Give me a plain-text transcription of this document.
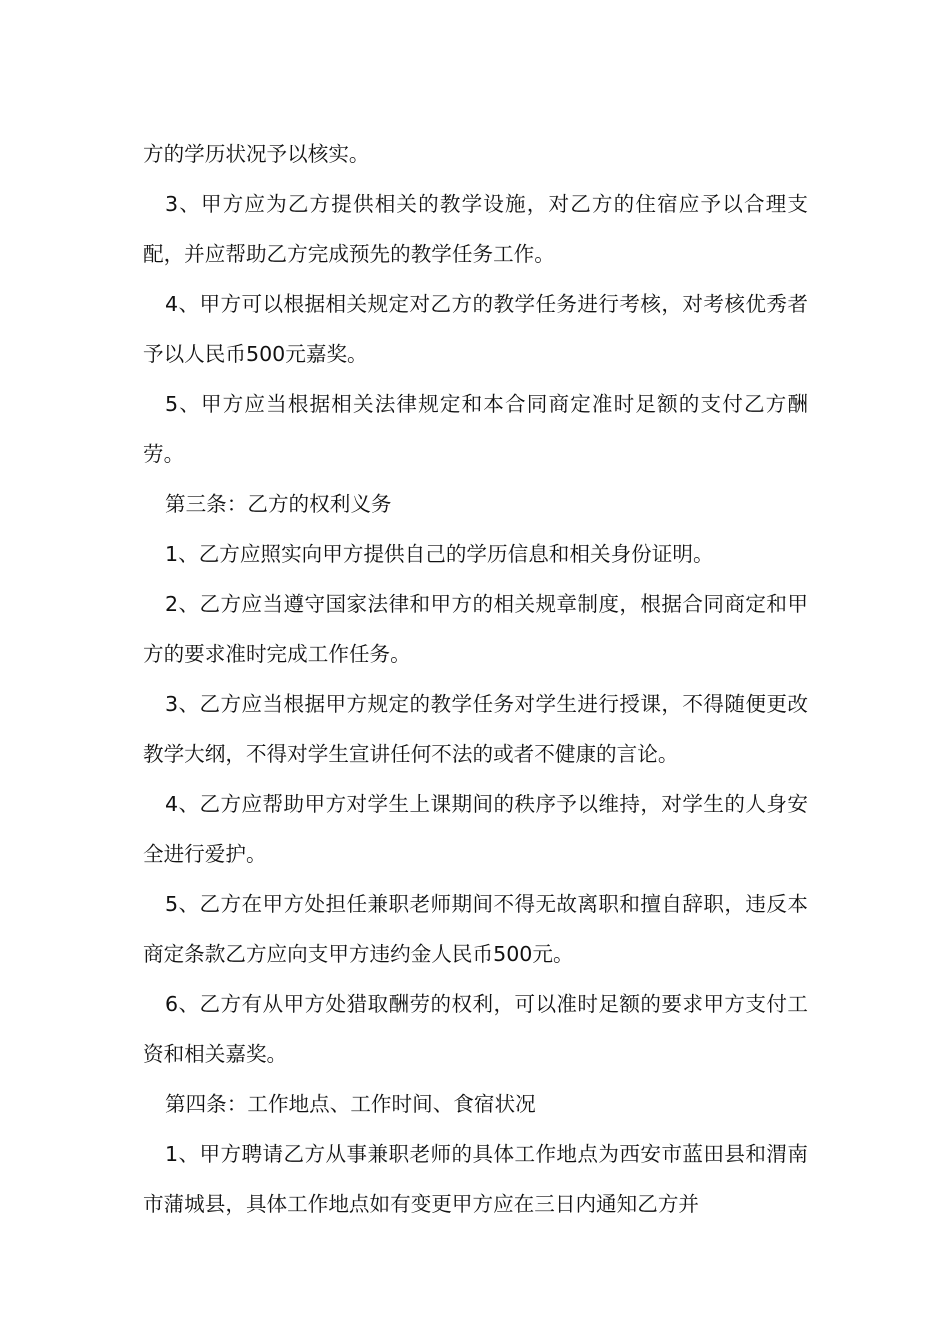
方的学历状况予以核实。

3、甲方应为乙方提供相关的教学设施，对乙方的住宿应予以合理支配，并应帮助乙方完成预先的教学任务工作。

4、甲方可以根据相关规定对乙方的教学任务进行考核，对考核优秀者予以人民币500元嘉奖。

5、甲方应当根据相关法律规定和本合同商定准时足额的支付乙方酬劳。

第三条：乙方的权利义务

1、乙方应照实向甲方提供自己的学历信息和相关身份证明。

2、乙方应当遵守国家法律和甲方的相关规章制度，根据合同商定和甲方的要求准时完成工作任务。

3、乙方应当根据甲方规定的教学任务对学生进行授课，不得随便更改教学大纲，不得对学生宣讲任何不法的或者不健康的言论。

4、乙方应帮助甲方对学生上课期间的秩序予以维持，对学生的人身安全进行爱护。

5、乙方在甲方处担任兼职老师期间不得无故离职和擅自辞职，违反本商定条款乙方应向支甲方违约金人民币500元。

6、乙方有从甲方处猎取酬劳的权利，可以准时足额的要求甲方支付工资和相关嘉奖。

第四条：工作地点、工作时间、食宿状况

1、甲方聘请乙方从事兼职老师的具体工作地点为西安市蓝田县和渭南市蒲城县，具体工作地点如有变更甲方应在三日内通知乙方并
